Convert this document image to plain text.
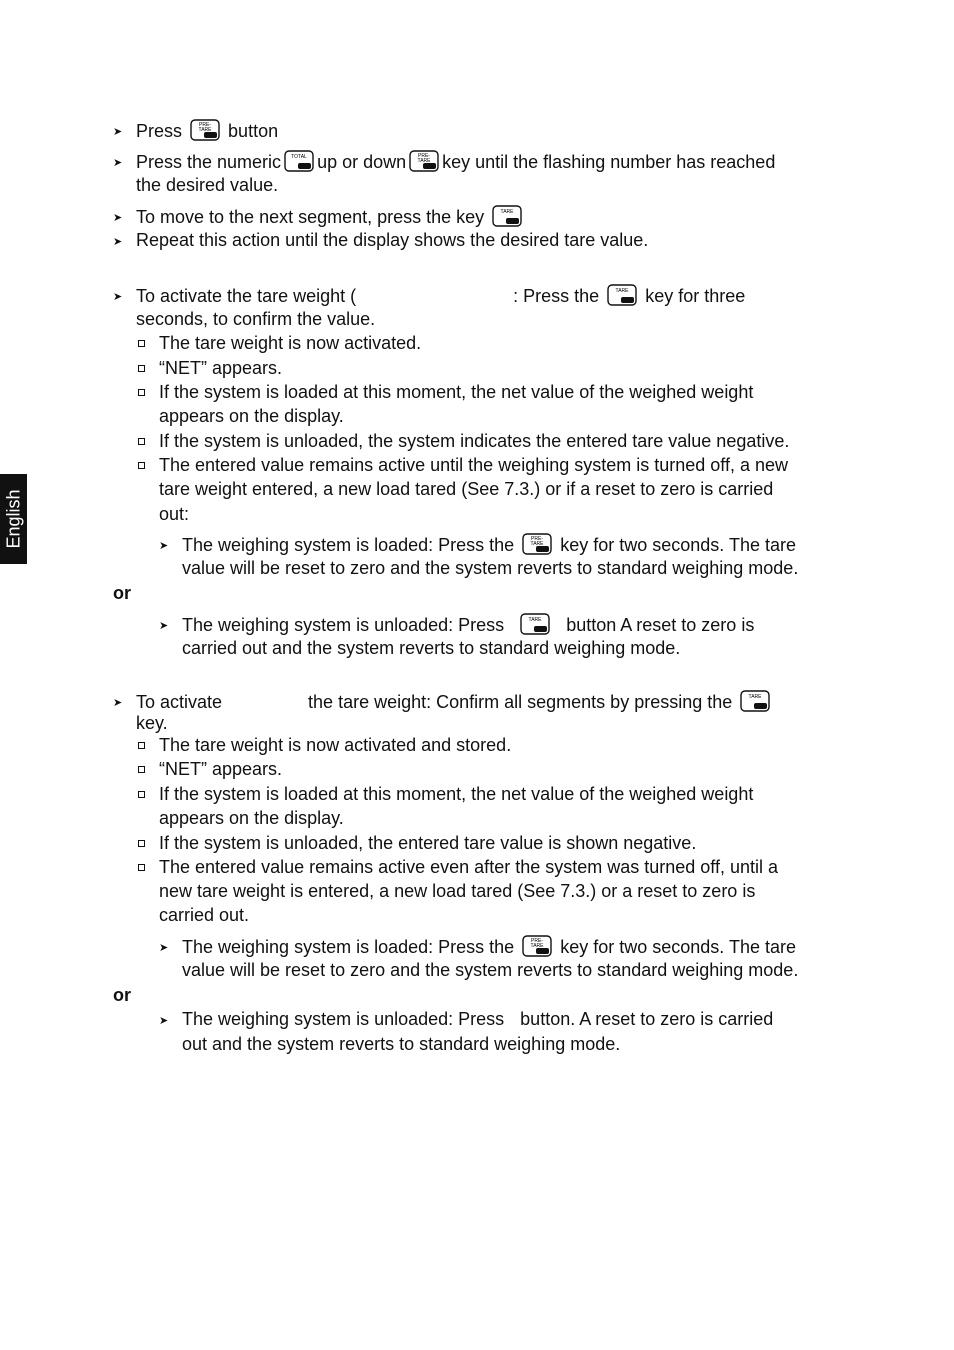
English
➤ Press	PRE-
TARE button
➤ Press the numeric TOTAL up or down PRE-
TARE key until the flashing number has reached
the desired value.
➤ To move to the next segment, press the key	TARE
➤ Repeat this action until the display shows the desired tare value.
➤ To activate the tare weight (	: Press the	TARE key for three
seconds, to confirm the value.
The tare weight is now activated.
“NET” appears.
If the system is loaded at this moment, the net value of the weighed weight
appears on the display.
If the system is unloaded, the system indicates the entered tare value negative.
The entered value remains active until the weighing system is turned off, a new
tare weight entered, a new load tared (See 7.3.) or if a reset to zero is carried
out:
➤ The weighing system is loaded: Press the	PRE-
TARE key for two seconds. The tare
value will be reset to zero and the system reverts to standard weighing mode.
or
➤ The weighing system is unloaded: Press	TARE button A reset to zero is
carried out and the system reverts to standard weighing mode.
➤ To activate	the tare weight: Confirm all segments by pressing the	TARE
key.
The tare weight is now activated and stored.
“NET” appears.
If the system is loaded at this moment, the net value of the weighed weight
appears on the display.
If the system is unloaded, the entered tare value is shown negative.
The entered value remains active even after the system was turned off, until a
new tare weight is entered, a new load tared (See 7.3.) or a reset to zero is
carried out.
➤ The weighing system is loaded: Press the	PRE-
TARE key for two seconds. The tare
value will be reset to zero and the system reverts to standard weighing mode.
or
➤ The weighing system is unloaded: Press button. A reset to zero is carried
out and the system reverts to standard weighing mode.
